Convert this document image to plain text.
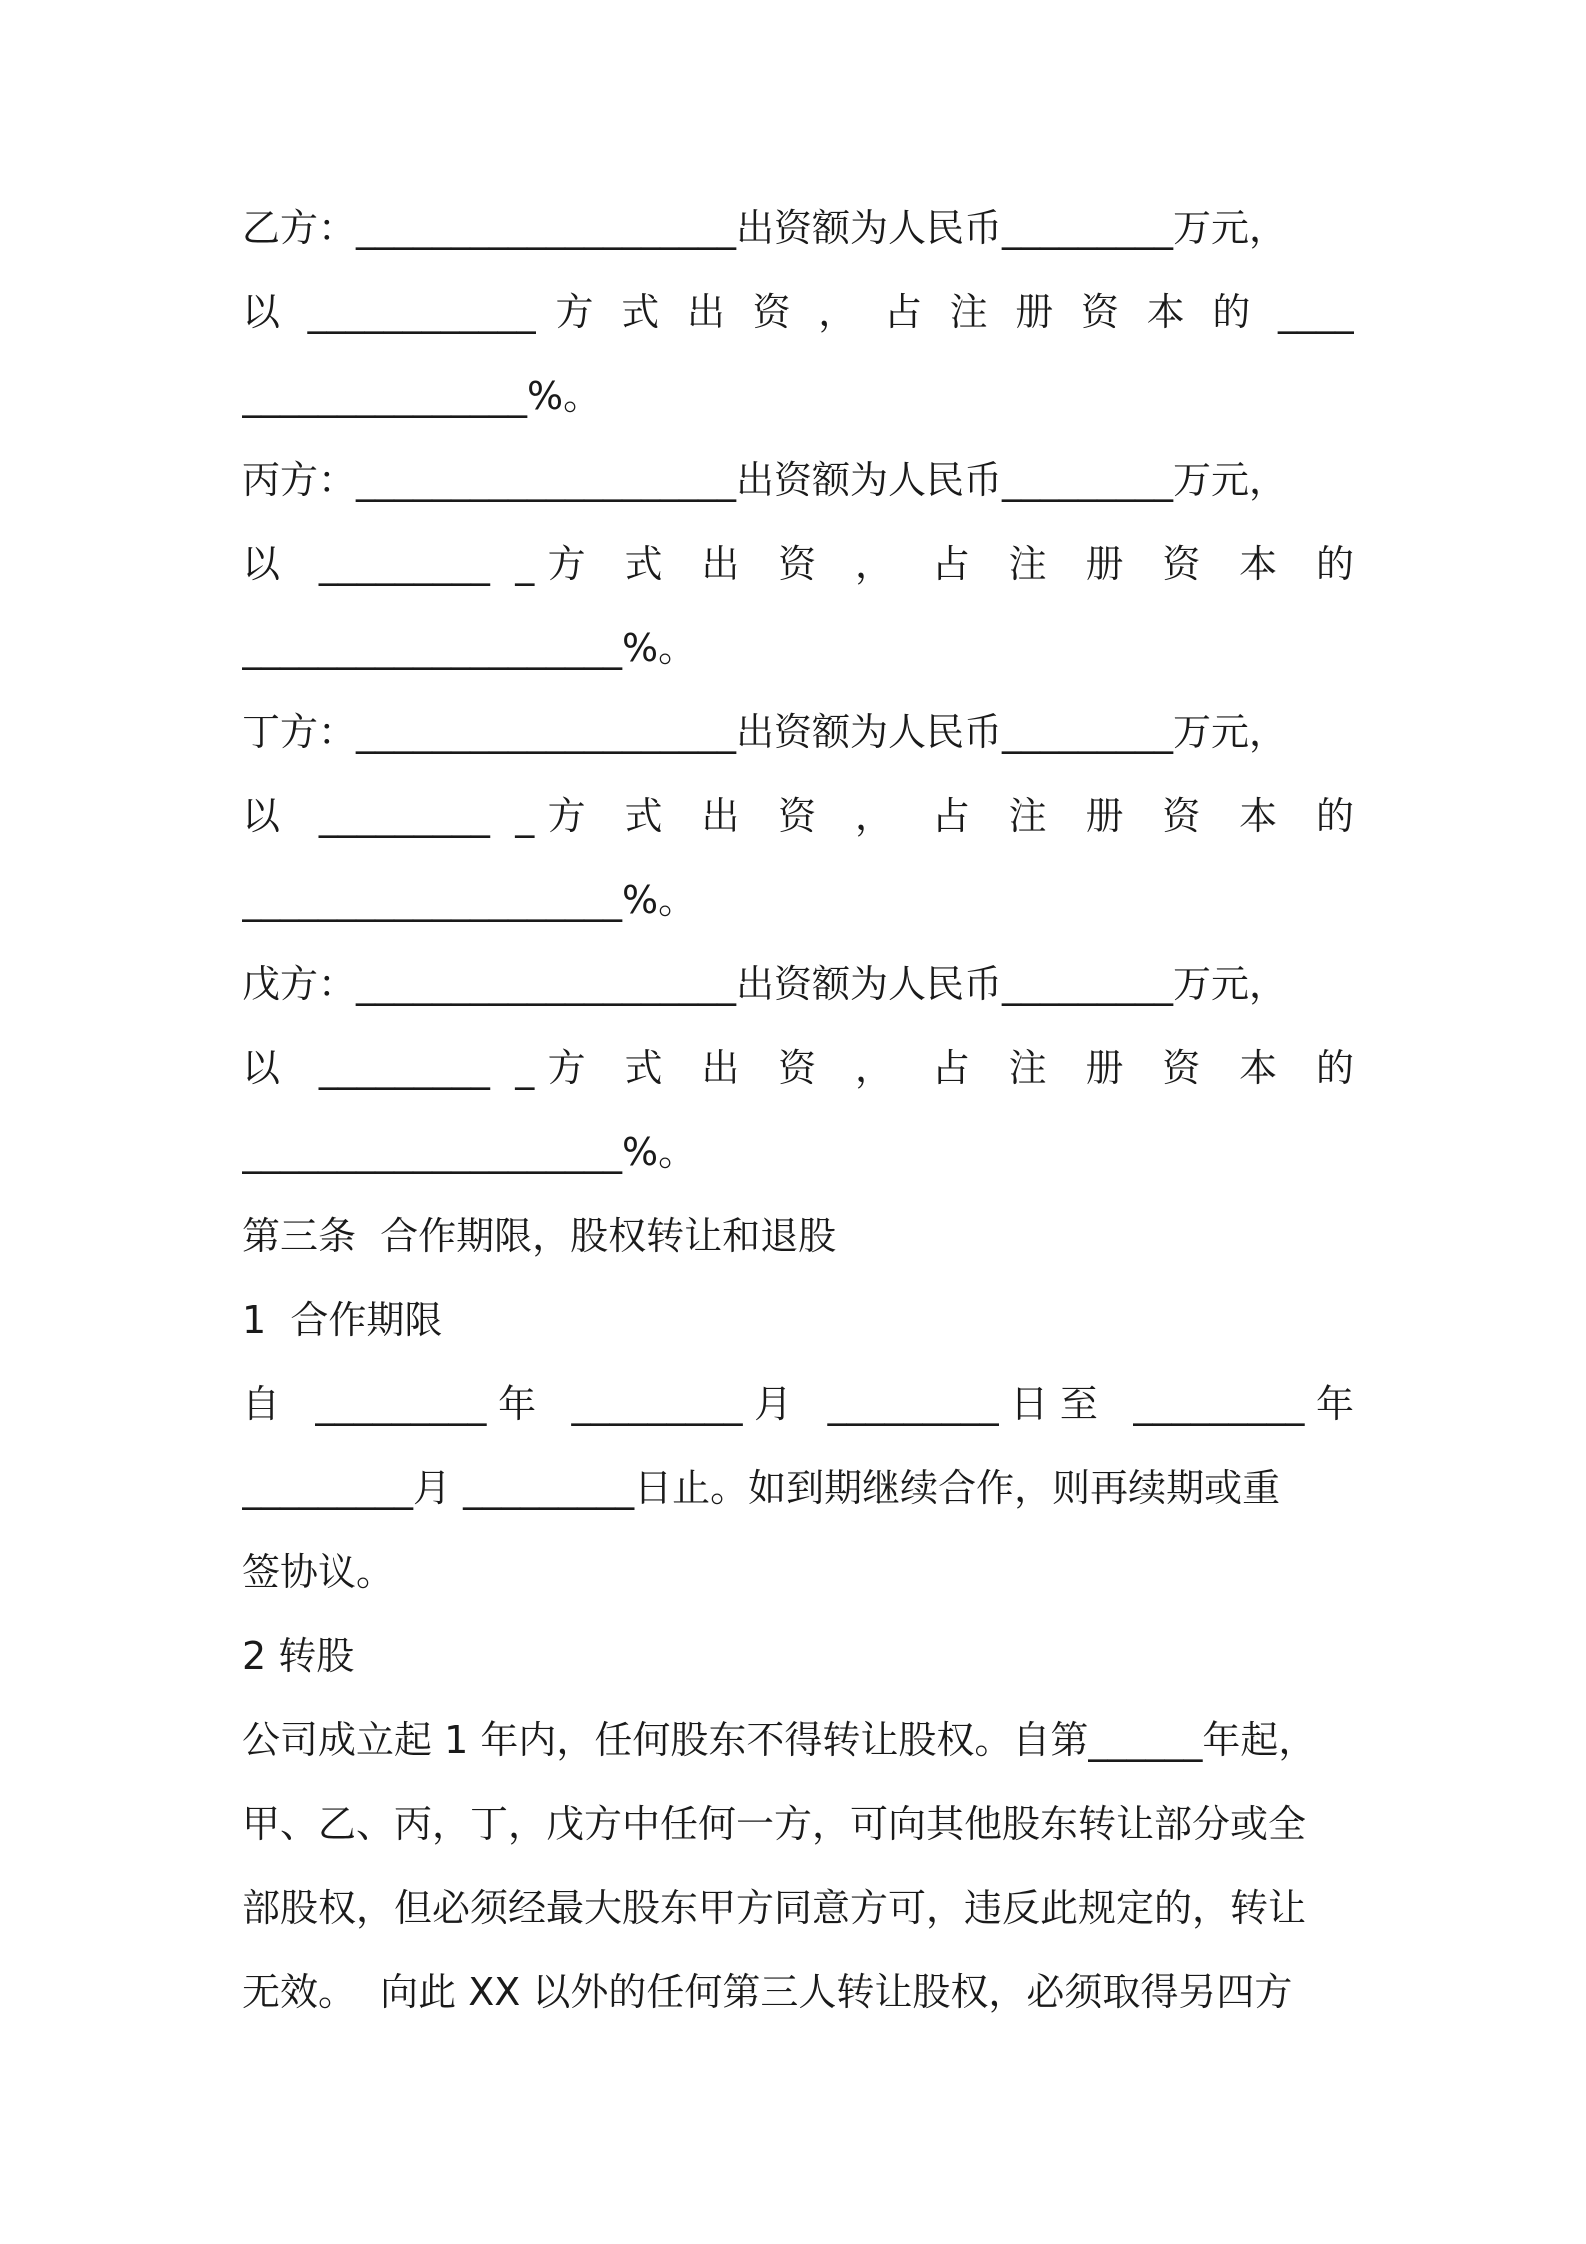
乙方：____________________出资额为人民币_________万元，
以 ____________ 方 式 出 资 ， 占 注 册 资 本 的 ____
_______________%。
丙方：____________________出资额为人民币_________万元，
以 _________ _方 式 出 资 ， 占 注 册 资 本 的
____________________%。
丁方：____________________出资额为人民币_________万元，
以 _________ _方 式 出 资 ， 占 注 册 资 本 的
____________________%。
戊方：____________________出资额为人民币_________万元，
以 _________ _方 式 出 资 ， 占 注 册 资 本 的
____________________%。
第三条  合作期限，股权转让和退股
1  合作期限
自 _________年 _________月 _________日至 _________年
_________月 _________日止。如到期继续合作，则再续期或重
签协议。
2 转股
公司成立起 1 年内，任何股东不得转让股权。自第______年起，
甲、乙、丙，丁，戊方中任何一方，可向其他股东转让部分或全
部股权，但必须经最大股东甲方同意方可，违反此规定的，转让
无效。  向此 XX 以外的任何第三人转让股权，必须取得另四方
